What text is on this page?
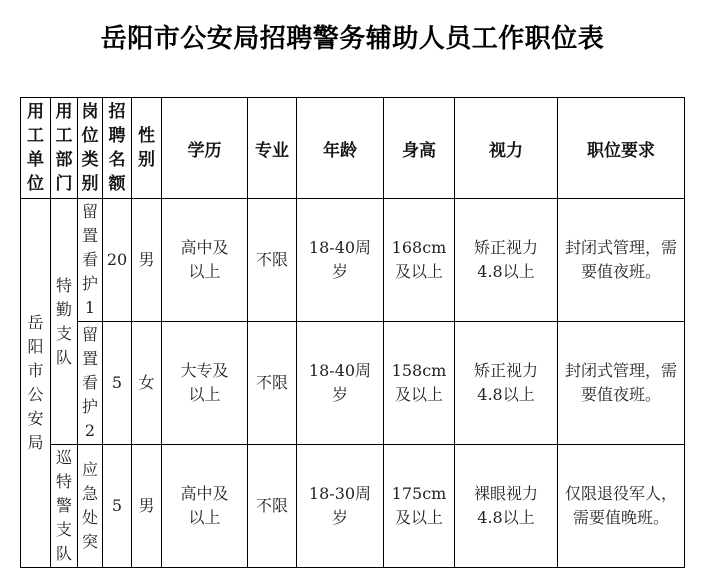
岳阳市公安局招聘警务辅助人员工作职位表
用工单位	用工部门	岗位类别	招聘名额	性别	学历	专业	年龄	身高	视力	职位要求
岳阳市公安局	特勤支队	留置看护1	20	男	高中及以上	不限	18-40周岁	168cm及以上	矫正视力4.8以上	封闭式管理，需要值夜班。

		留置看护2	5	女	大专及以上	不限	18-40周岁	158cm及以上	矫正视力4.8以上	封闭式管理，需要值夜班。

	巡特警支队	应急处突	5	男	高中及以上	不限	18-30周岁	175cm及以上	裸眼视力4.8以上	仅限退役军人，需要值晚班。
